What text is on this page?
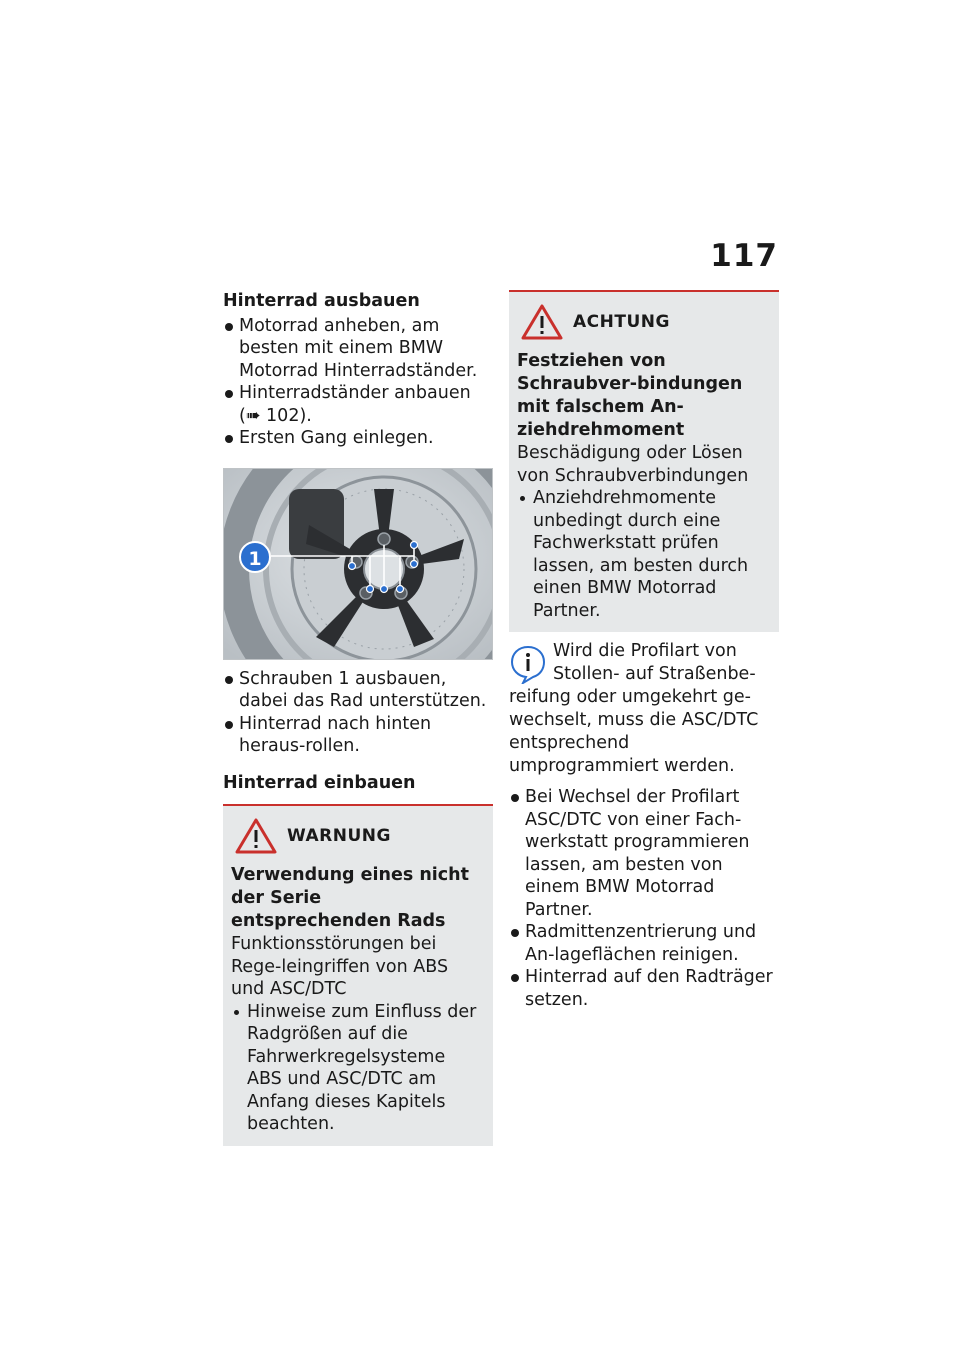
117
Hinterrad ausbauen
Motorrad anheben, am besten mit einem BMW Motorrad Hinterradständer.
Hinterradständer anbauen (➠ 102).
Ersten Gang einlegen.
1
Schrauben 1 ausbauen, dabei das Rad unterstützen.
Hinterrad nach hinten heraus-rollen.
Hinterrad einbauen
WARNUNG
Verwendung eines nicht der Serie entsprechenden Rads
Funktionsstörungen bei Rege-leingriffen von ABS und ASC/DTC
Hinweise zum Einfluss der Radgrößen auf die Fahrwerkregelsysteme ABS und ASC/DTC am Anfang dieses Kapitels beachten.
ACHTUNG
Festziehen von Schraubver-bindungen mit falschem An-ziehdrehmoment
Beschädigung oder Lösen von Schraubverbindungen
Anziehdrehmomente unbedingt durch eine Fachwerkstatt prüfen lassen, am besten durch einen BMW Motorrad Partner.
Wird die Profilart von Stollen- auf Straßenbe-
reifung oder umgekehrt ge-wechselt, muss die ASC/DTC entsprechend umprogrammiert werden.
Bei Wechsel der Profilart ASC/DTC von einer Fach-werkstatt programmieren lassen, am besten von einem BMW Motorrad Partner.
Radmittenzentrierung und An-lageflächen reinigen.
Hinterrad auf den Radträger setzen.
